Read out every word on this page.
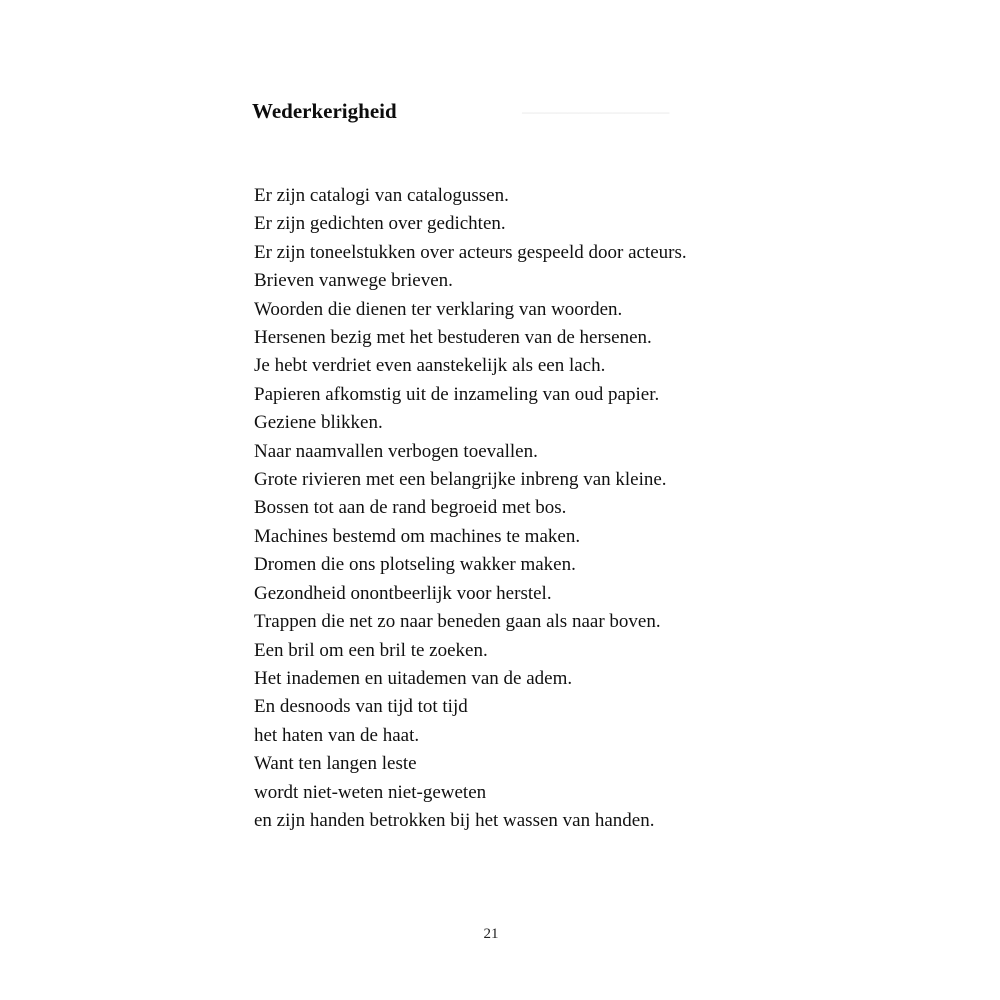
─────────────
Wederkerigheid
Er zijn catalogi van catalogussen.
Er zijn gedichten over gedichten.
Er zijn toneelstukken over acteurs gespeeld door acteurs.
Brieven vanwege brieven.
Woorden die dienen ter verklaring van woorden.
Hersenen bezig met het bestuderen van de hersenen.
Je hebt verdriet even aanstekelijk als een lach.
Papieren afkomstig uit de inzameling van oud papier.
Geziene blikken.
Naar naamvallen verbogen toevallen.
Grote rivieren met een belangrijke inbreng van kleine.
Bossen tot aan de rand begroeid met bos.
Machines bestemd om machines te maken.
Dromen die ons plotseling wakker maken.
Gezondheid onontbeerlijk voor herstel.
Trappen die net zo naar beneden gaan als naar boven.
Een bril om een bril te zoeken.
Het inademen en uitademen van de adem.
En desnoods van tijd tot tijd
het haten van de haat.
Want ten langen leste
wordt niet-weten niet-geweten
en zijn handen betrokken bij het wassen van handen.
21
